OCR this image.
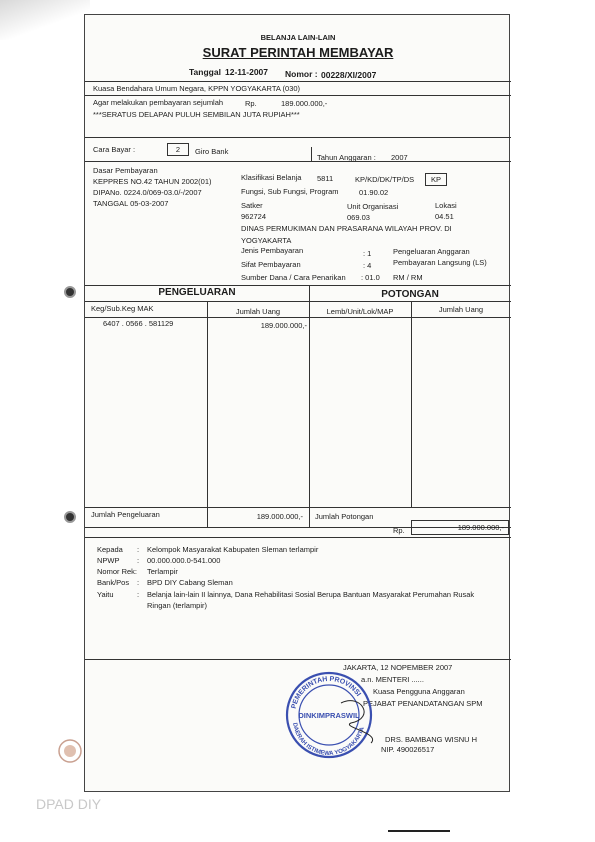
BELANJA LAIN-LAIN
SURAT PERINTAH MEMBAYAR
Tanggal 12-11-2007 Nomor : 00228/XI/2007
Kuasa Bendahara Umum Negara, KPPN YOGYAKARTA (030)
Agar melakukan pembayaran sejumlah	Rp.	189.000.000,-
***SERATUS DELAPAN PULUH SEMBILAN JUTA RUPIAH***
Cara Bayar :	2	Giro Bank
Tahun Anggaran : 2007
Dasar Pembayaran
KEPPRES NO.42 TAHUN 2002(01)
DIPANo. 0224.0/069-03.0/-/2007
TANGGAL 05-03-2007
Klasifikasi Belanja 5811	KP/KD/DK/TP/DS	KP
Fungsi, Sub Fungsi, Program	01.90.02
Satker	Unit Organisasi	Lokasi
962724	069.03	04.51
DINAS PERMUKIMAN DAN PRASARANA WILAYAH PROV. DI
YOGYAKARTA
Jenis Pembayaran	: 1	Pengeluaran Anggaran
Sifat Pembayaran	: 4	Pembayaran Langsung (LS)
Sumber Dana / Cara Penarikan : 01.0 RM / RM
PENGELUARAN	POTONGAN
Keg/Sub.Keg MAK	Jumlah Uang	Lemb/Unit/Lok/MAP	Jumlah Uang
6407 . 0566 . 581129	189.000.000,-
Jumlah Pengeluaran	189.000.000,- Jumlah Potongan
Rp.	189.000.000,-
Kepada : Kelompok Masyarakat Kabupaten Sleman terlampir
NPWP : 00.000.000.0-541.000
Nomor Rek: Terlampir
Bank/Pos : BPD DIY Cabang Sleman
Yaitu	: Belanja lain-lain II lainnya, Dana Rehabilitasi Sosial Berupa Bantuan Masyarakat Perumahan Rusak
Ringan (terlampir)
JAKARTA, 12 NOPEMBER 2007
a.n. MENTERI ......
Kuasa Pengguna Anggaran
PEJABAT PENANDATANGAN SPM
DRS. BAMBANG WISNU H
NIP. 490026517
PEMERINTAH PROVINSI
DAERAH ISTIMEWA YOGYAKARTA
DINKIMPRASWIL
DPAD DIY
